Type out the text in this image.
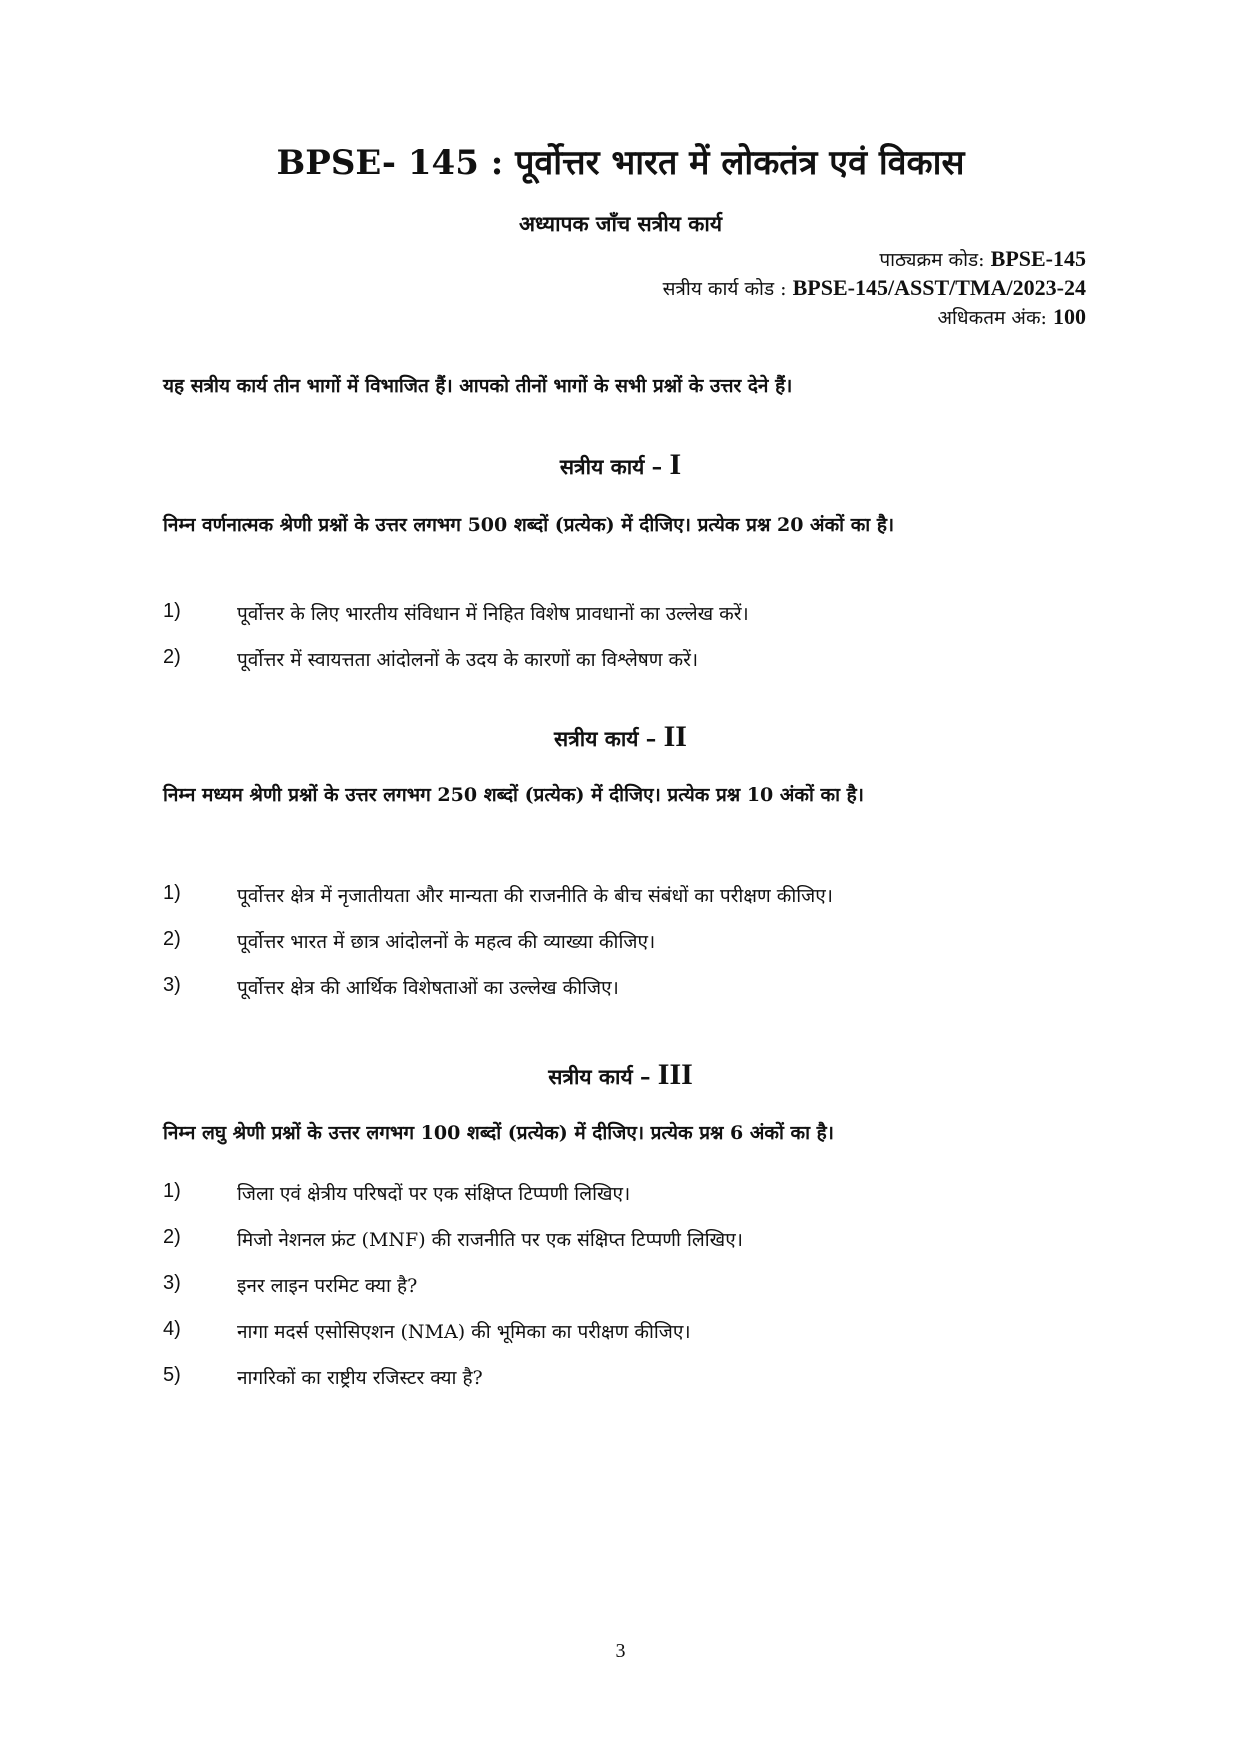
BPSE- 145 : पूर्वोत्तर भारत में लोकतंत्र एवं विकास
अध्यापक जाँच सत्रीय कार्य
पाठ्यक्रम कोड: BPSE-145
सत्रीय कार्य कोड : BPSE-145/ASST/TMA/2023-24
अधिकतम अंक: 100
यह सत्रीय कार्य तीन भागों में विभाजित हैं। आपको तीनों भागों के सभी प्रश्नों के उत्तर देने हैं।
सत्रीय कार्य – I
निम्न वर्णनात्मक श्रेणी प्रश्नों के उत्तर लगभग 500 शब्दों (प्रत्येक) में दीजिए। प्रत्येक प्रश्न 20 अंकों का है।
1)	पूर्वोत्तर के लिए भारतीय संविधान में निहित विशेष प्रावधानों का उल्लेख करें।
2)	पूर्वोत्तर में स्वायत्तता आंदोलनों के उदय के कारणों का विश्लेषण करें।
सत्रीय कार्य – II
निम्न मध्यम श्रेणी प्रश्नों के उत्तर लगभग 250 शब्दों (प्रत्येक) में दीजिए। प्रत्येक प्रश्न 10 अंकों का है।
1)	पूर्वोत्तर क्षेत्र में नृजातीयता और मान्यता की राजनीति के बीच संबंधों का परीक्षण कीजिए।
2)	पूर्वोत्तर भारत में छात्र आंदोलनों के महत्व की व्याख्या कीजिए।
3)	पूर्वोत्तर क्षेत्र की आर्थिक विशेषताओं का उल्लेख कीजिए।
सत्रीय कार्य – III
निम्न लघु श्रेणी प्रश्नों के उत्तर लगभग 100 शब्दों (प्रत्येक) में दीजिए। प्रत्येक प्रश्न 6 अंकों का है।
1)	जिला एवं क्षेत्रीय परिषदों पर एक संक्षिप्त टिप्पणी लिखिए।
2)	मिजो नेशनल फ्रंट (MNF) की राजनीति पर एक संक्षिप्त टिप्पणी लिखिए।
3)	इनर लाइन परमिट क्या है?
4)	नागा मदर्स एसोसिएशन (NMA) की भूमिका का परीक्षण कीजिए।
5)	नागरिकों का राष्ट्रीय रजिस्टर क्या है?
3
